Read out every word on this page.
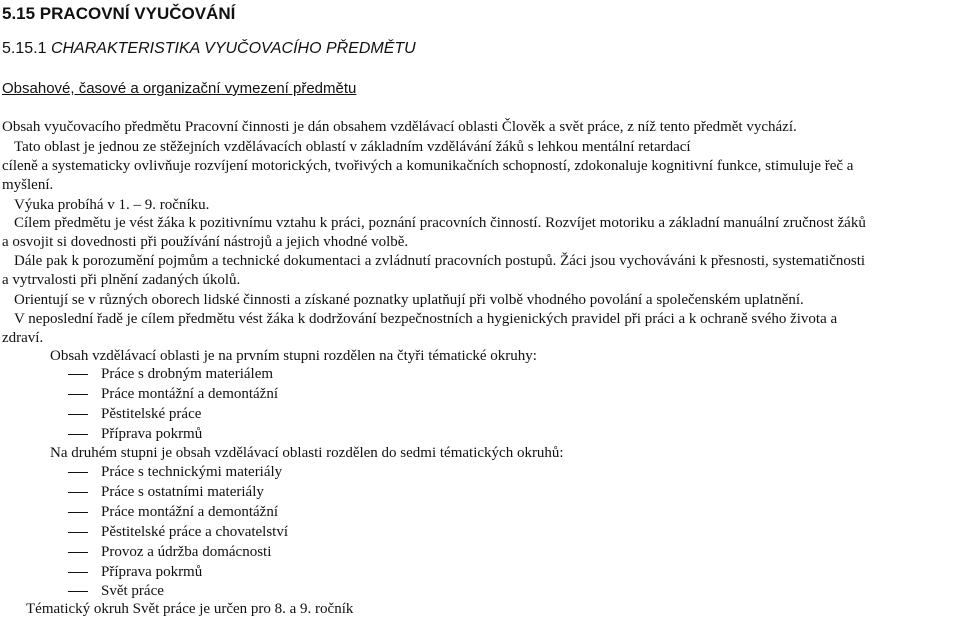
5.15 PRACOVNÍ VYUČOVÁNÍ
5.15.1 CHARAKTERISTIKA VYUČOVACÍHO PŘEDMĚTU
Obsahové, časové a organizační vymezení předmětu
Obsah vyučovacího předmětu Pracovní činnosti je dán obsahem vzdělávací oblasti Člověk a svět práce, z níž tento předmět vychází.
Tato oblast je jednou ze stěžejních vzdělávacích oblastí v základním vzdělávání žáků s lehkou mentální retardací
cíleně a systematicky ovlivňuje rozvíjení motorických, tvořivých a komunikačních schopností, zdokonaluje kognitivní funkce, stimuluje řeč a
myšlení.
Výuka probíhá v 1. – 9. ročníku.
Cílem předmětu je vést žáka k pozitivnímu vztahu k práci, poznání pracovních činností. Rozvíjet motoriku a základní manuální zručnost žáků
a osvojit si dovednosti při používání nástrojů a jejich vhodné volbě.
Dále pak k porozumění pojmům a technické dokumentaci a zvládnutí pracovních postupů. Žáci jsou vychováváni k přesnosti, systematičnosti
a vytrvalosti při plnění zadaných úkolů.
Orientují se v různých oborech lidské činnosti a získané poznatky uplatňují při volbě vhodného povolání a společenském uplatnění.
V neposlední řadě je cílem předmětu vést žáka k dodržování bezpečnostních a hygienických pravidel při práci a k ochraně svého života a
zdraví.
Obsah vzdělávací oblasti je na prvním stupni rozdělen na čtyři tématické okruhy:
Práce s drobným materiálem
Práce montážní a demontážní
Pěstitelské práce
Příprava pokrmů
Na druhém stupni je obsah vzdělávací oblasti rozdělen do sedmi tématických okruhů:
Práce s technickými materiály
Práce s ostatními materiály
Práce montážní a demontážní
Pěstitelské práce a chovatelství
Provoz a údržba domácnosti
Příprava pokrmů
Svět práce
Tématický okruh Svět práce je určen pro 8. a 9. ročník
